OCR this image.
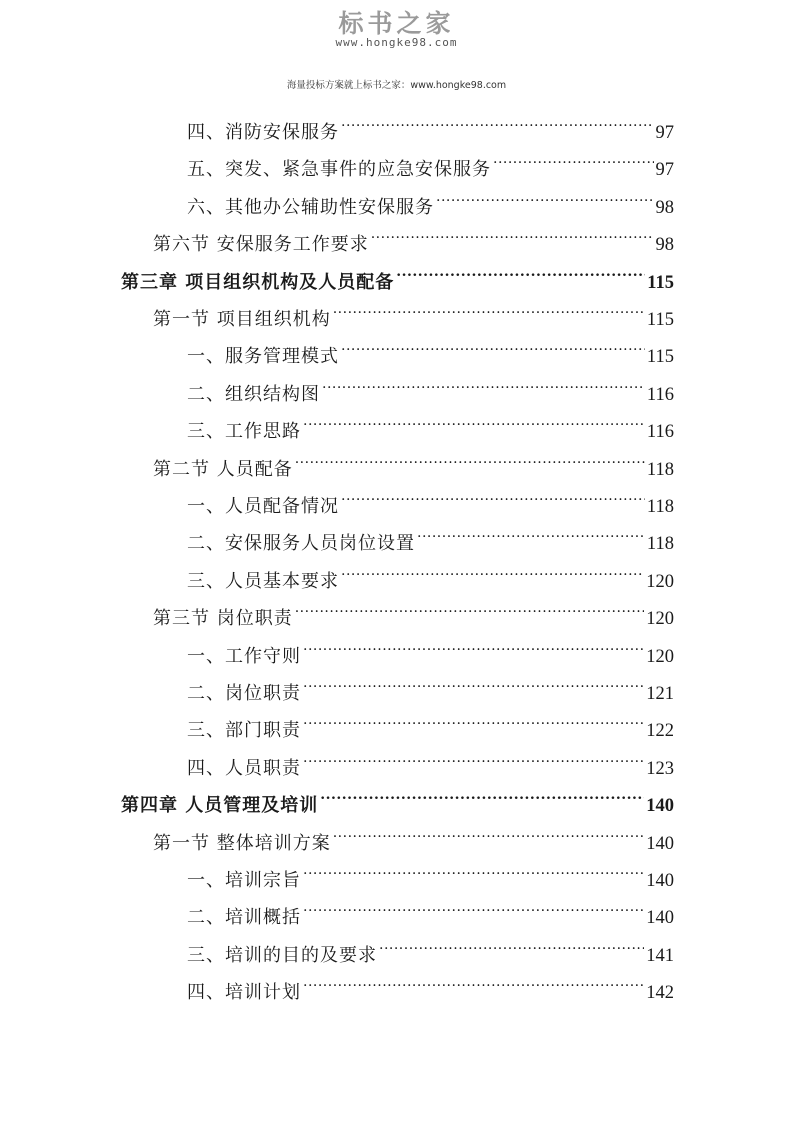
标书之家
www.hongke98.com
海量投标方案就上标书之家：www.hongke98.com
四、消防安保服务 .....	97
五、突发、紧急事件的应急安保服务 .....	97
六、其他办公辅助性安保服务 .....	98
第六节 安保服务工作要求 .....	98
第三章 项目组织机构及人员配备 .....	115
第一节 项目组织机构 .....	115
一、服务管理模式 .....	115
二、组织结构图 .....	116
三、工作思路 .....	116
第二节 人员配备 .....	118
一、人员配备情况 .....	118
二、安保服务人员岗位设置 .....	118
三、人员基本要求 .....	120
第三节 岗位职责 .....	120
一、工作守则 .....	120
二、岗位职责 .....	121
三、部门职责 .....	122
四、人员职责 .....	123
第四章 人员管理及培训 .....	140
第一节 整体培训方案 .....	140
一、培训宗旨 .....	140
二、培训概括 .....	140
三、培训的目的及要求 .....	141
四、培训计划 .....	142
